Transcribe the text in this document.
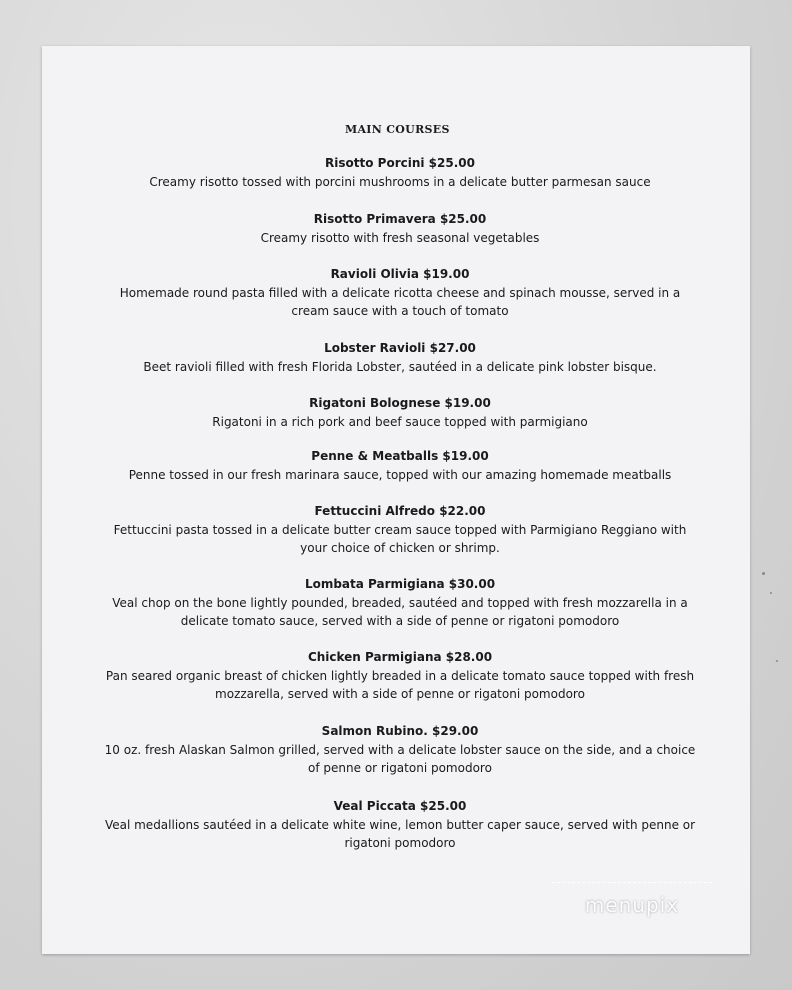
MAIN COURSES
Risotto Porcini $25.00
Creamy risotto tossed with porcini mushrooms in a delicate butter parmesan sauce
Risotto Primavera $25.00
Creamy risotto with fresh seasonal vegetables
Ravioli Olivia $19.00
Homemade round pasta filled with a delicate ricotta cheese and spinach mousse, served in a cream sauce with a touch of tomato
Lobster Ravioli $27.00
Beet ravioli filled with fresh Florida Lobster, sautéed in a delicate pink lobster bisque.
Rigatoni Bolognese $19.00
Rigatoni in a rich pork and beef sauce topped with parmigiano
Penne & Meatballs $19.00
Penne tossed in our fresh marinara sauce, topped with our amazing homemade meatballs
Fettuccini Alfredo $22.00
Fettuccini pasta tossed in a delicate butter cream sauce topped with Parmigiano Reggiano with your choice of chicken or shrimp.
Lombata Parmigiana $30.00
Veal chop on the bone lightly pounded, breaded, sautéed and topped with fresh mozzarella in a delicate tomato sauce, served with a side of penne or rigatoni pomodoro
Chicken Parmigiana $28.00
Pan seared organic breast of chicken lightly breaded in a delicate tomato sauce topped with fresh mozzarella, served with a side of penne or rigatoni pomodoro
Salmon Rubino. $29.00
10 oz. fresh Alaskan Salmon grilled, served with a delicate lobster sauce on the side, and a choice of penne or rigatoni pomodoro
Veal Piccata $25.00
Veal medallions sautéed in a delicate white wine, lemon butter caper sauce, served with penne or rigatoni pomodoro
menupix
